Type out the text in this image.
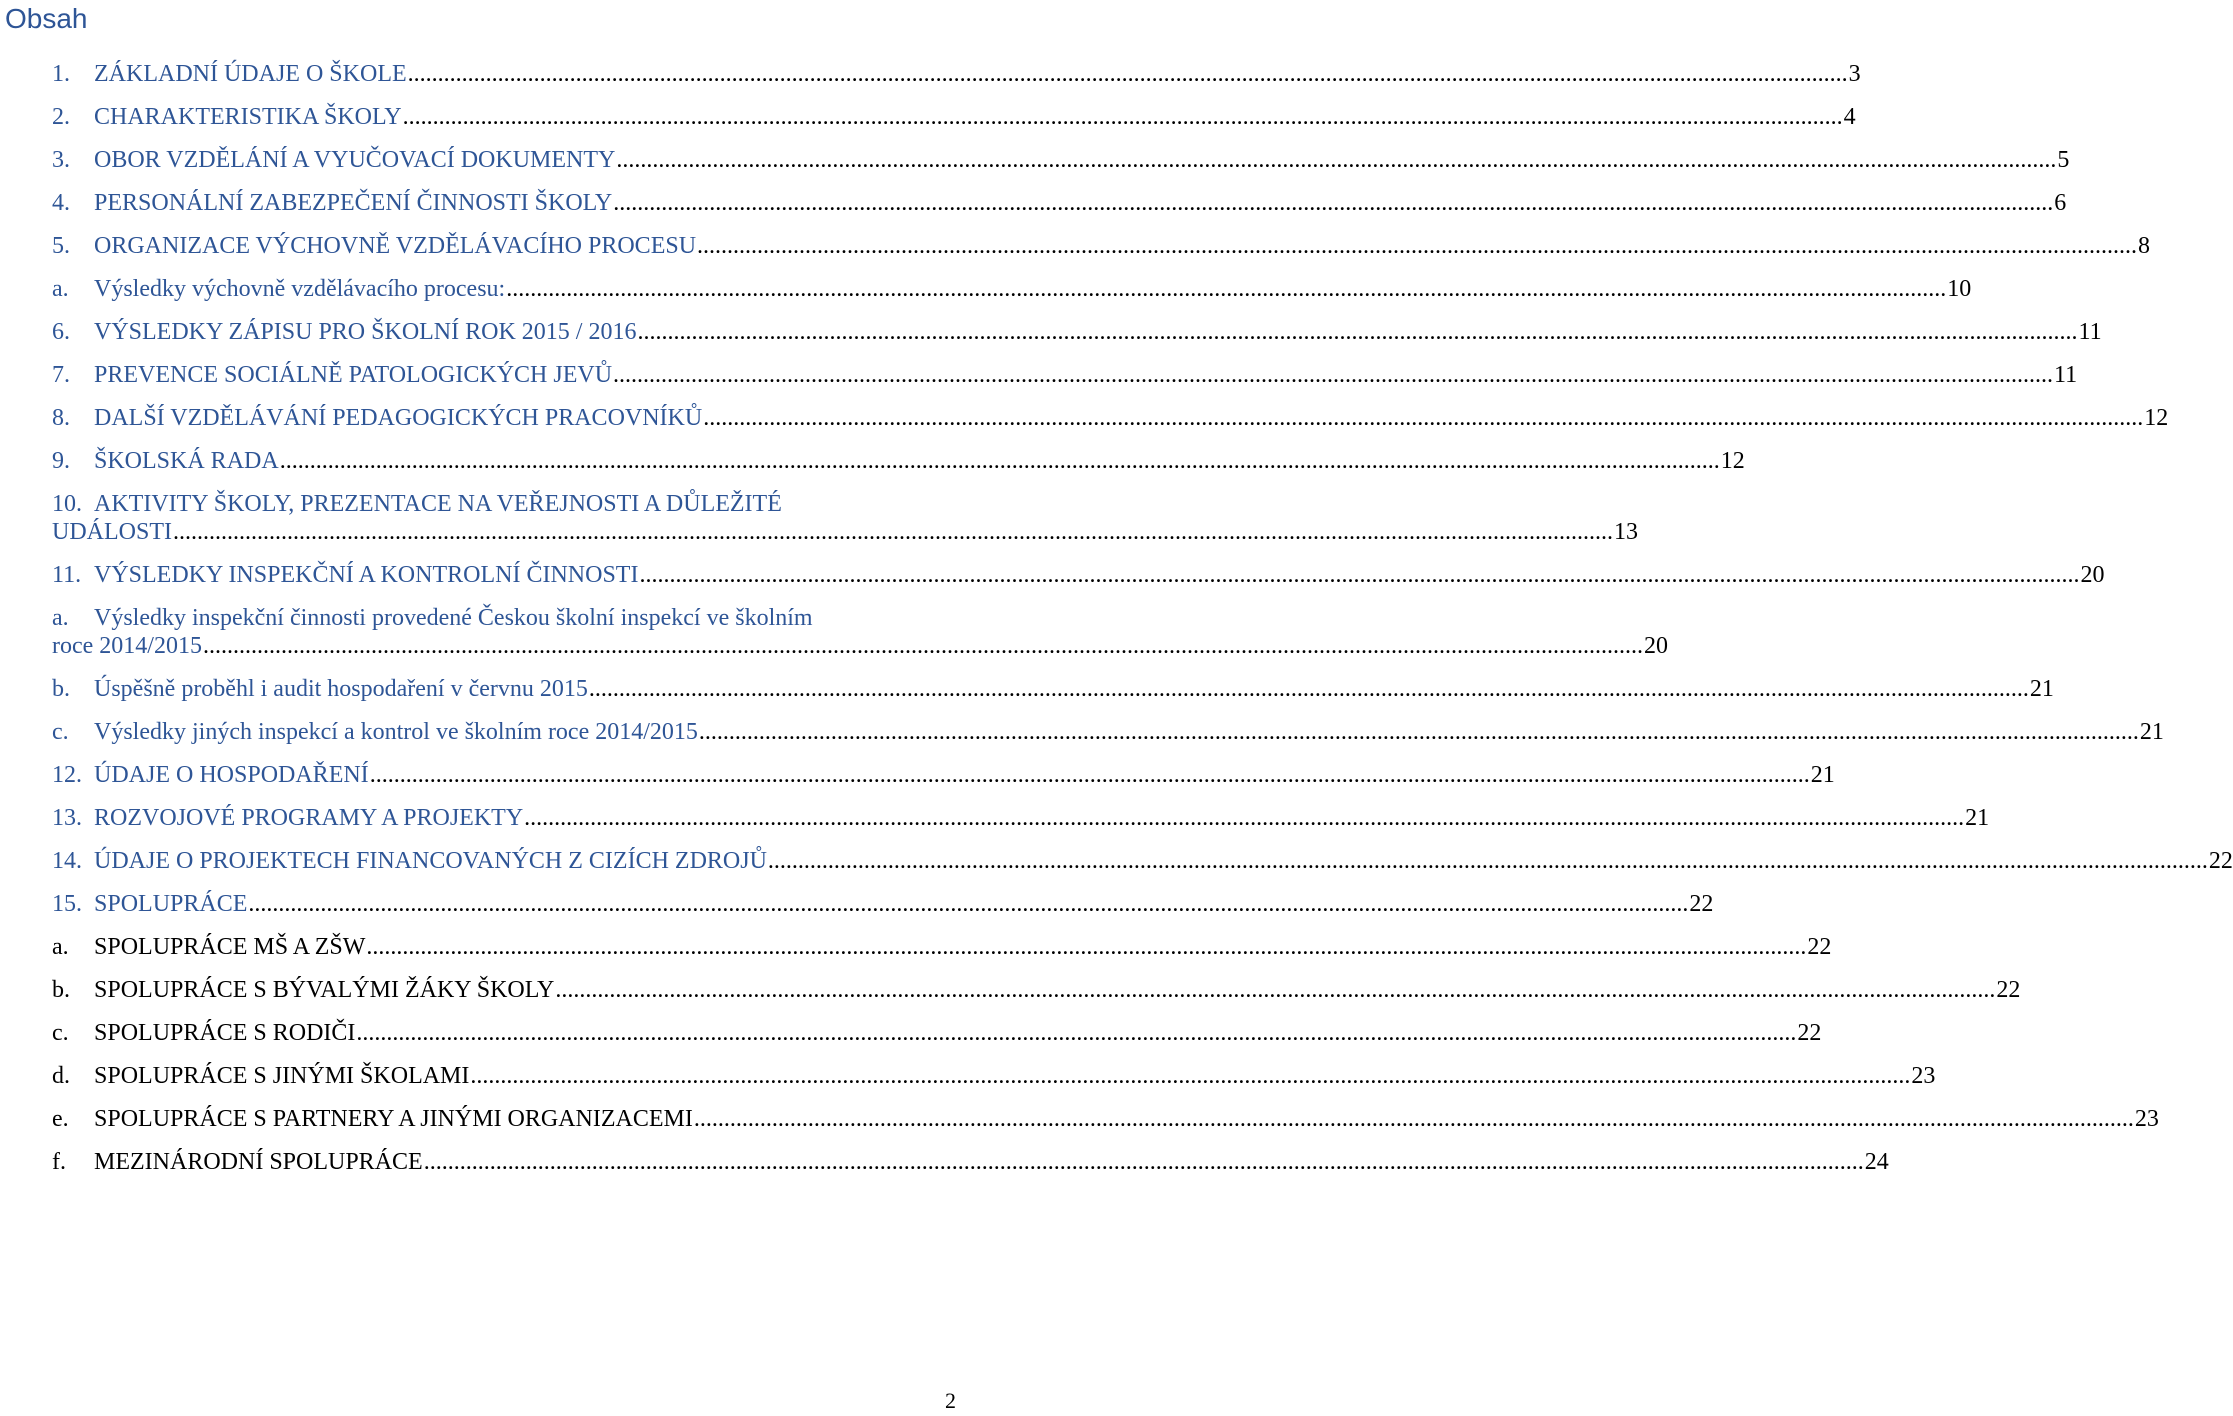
Obsah
1.	ZÁKLADNÍ ÚDAJE O ŠKOLE .....	3
2.	CHARAKTERISTIKA ŠKOLY .....	4
3.	OBOR VZDĚLÁNÍ A VYUČOVACÍ DOKUMENTY .....	5
4.	PERSONÁLNÍ ZABEZPEČENÍ ČINNOSTI ŠKOLY .....	6
5.	ORGANIZACE VÝCHOVNĚ VZDĚLÁVACÍHO PROCESU .....	8
a.	Výsledky výchovně vzdělávacího procesu: .....	10
6.	VÝSLEDKY ZÁPISU PRO ŠKOLNÍ ROK 2015 / 2016 .....	11
7.	PREVENCE SOCIÁLNĚ PATOLOGICKÝCH JEVŮ .....	11
8.	DALŠÍ VZDĚLÁVÁNÍ PEDAGOGICKÝCH PRACOVNÍKŮ .....	12
9.	ŠKOLSKÁ RADA .....	12
10. AKTIVITY ŠKOLY, PREZENTACE NA VEŘEJNOSTI A DŮLEŽITÉ
UDÁLOSTI .....	13
11. VÝSLEDKY INSPEKČNÍ A KONTROLNÍ ČINNOSTI .....	20
a.	Výsledky inspekční činnosti provedené Českou školní inspekcí ve školním
roce 2014/2015 .....	20
b.	Úspěšně proběhl i audit hospodaření v červnu 2015 .....	21
c.	Výsledky jiných inspekcí a kontrol ve školním roce 2014/2015 .....	21
12. ÚDAJE O HOSPODAŘENÍ .....	21
13. ROZVOJOVÉ PROGRAMY A PROJEKTY .....	21
14. ÚDAJE O PROJEKTECH FINANCOVANÝCH Z CIZÍCH ZDROJŮ .....	22
15. SPOLUPRÁCE .....	22
a.	SPOLUPRÁCE MŠ A ZŠW .....	22
b.	SPOLUPRÁCE S BÝVALÝMI ŽÁKY ŠKOLY .....	22
c.	SPOLUPRÁCE S RODIČI .....	22
d.	SPOLUPRÁCE S JINÝMI ŠKOLAMI .....	23
e.	SPOLUPRÁCE S PARTNERY A JINÝMI ORGANIZACEMI .....	23
f.	MEZINÁRODNÍ SPOLUPRÁCE .....	24
2
